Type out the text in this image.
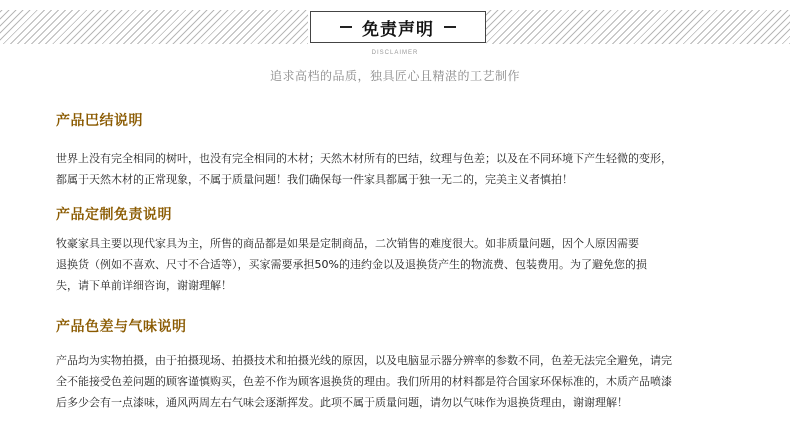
免责声明
DISCLAIMER
追求高档的品质，独具匠心且精湛的工艺制作
产品巴结说明

世界上没有完全相同的树叶，也没有完全相同的木材；天然木材所有的巴结，纹理与色差；以及在不同环境下产生轻微的变形，
都属于天然木材的正常现象，不属于质量问题！我们确保每一件家具都属于独一无二的，完美主义者慎拍！

产品定制免责说明

牧豪家具主要以现代家具为主，所售的商品都是如果是定制商品，二次销售的难度很大。如非质量问题，因个人原因需要
退换货（例如不喜欢、尺寸不合适等），买家需要承担50%的违约金以及退换货产生的物流费、包装费用。为了避免您的损
失，请下单前详细咨询，谢谢理解！

产品色差与气味说明

产品均为实物拍摄，由于拍摄现场、拍摄技术和拍摄光线的原因，以及电脑显示器分辨率的参数不同，色差无法完全避免，请完
全不能接受色差问题的顾客谨慎购买，色差不作为顾客退换货的理由。我们所用的材料都是符合国家环保标准的，木质产品喷漆
后多少会有一点漆味，通风两周左右气味会逐渐挥发。此项不属于质量问题，请勿以气味作为退换货理由，谢谢理解！
